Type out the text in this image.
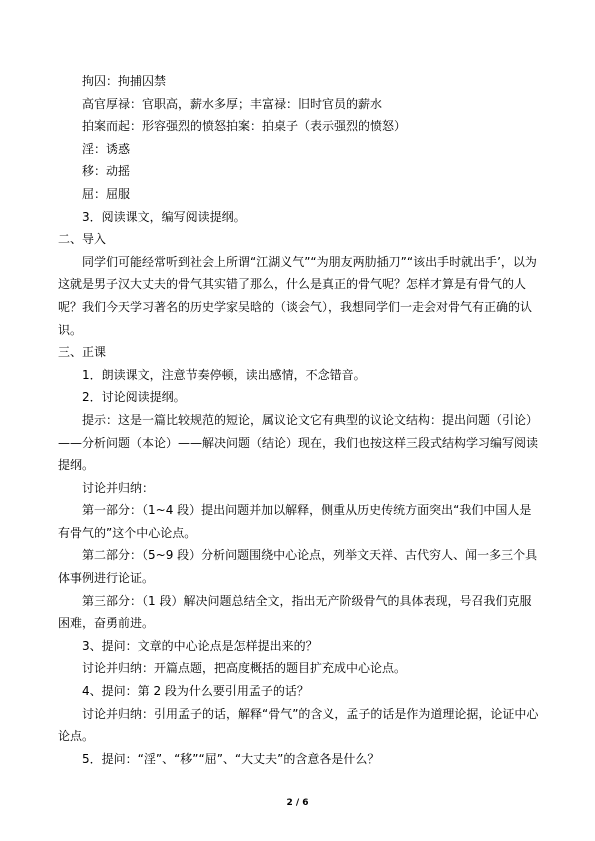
拘囚：拘捕囚禁

高官厚禄：官职高，薪水多厚；丰富禄：旧时官员的薪水

拍案而起：形容强烈的愤怒拍案：拍桌子（表示强烈的愤怒）

淫：诱惑

移：动摇

屈：屈服

3．阅读课文，编写阅读提纲。

二、导入

同学们可能经常听到社会上所谓“江湖义气”“为朋友两肋插刀”“该出手时就出手’，以为这就是男子汉大丈夫的骨气其实错了那么，什么是真正的骨气呢？怎样才算是有骨气的人呢？我们今天学习著名的历史学家吴晗的（谈会气），我想同学们一走会对骨气有正确的认识。

三、正课

1．朗读课文，注意节奏停顿，读出感情，不念错音。

2．讨论阅读提纲。

提示：这是一篇比较规范的短论，属议论文它有典型的议论文结构：提出问题（引论）——分析问题（本论）——解决问题（结论）现在，我们也按这样三段式结构学习编写阅读提纲。

讨论并归纳：

第一部分：（1~4 段）提出问题并加以解释，侧重从历史传统方面突出“我们中国人是有骨气的”这个中心论点。

第二部分：（5~9 段）分析问题围绕中心论点，列举文天祥、古代穷人、闻一多三个具体事例进行论证。

第三部分：（1 段）解决问题总结全文，指出无产阶级骨气的具体表现，号召我们克服困难，奋勇前进。

3、提问：文章的中心论点是怎样提出来的？

讨论并归纳：开篇点题，把高度概括的题目扩充成中心论点。

4、提问：第 2 段为什么要引用孟子的话？

讨论并归纳：引用孟子的话，解释“骨气”的含义，孟子的话是作为道理论据，论证中心论点。

5．提问：“淫”、“移”“屈”、“大丈夫”的含意各是什么？

2 / 6
